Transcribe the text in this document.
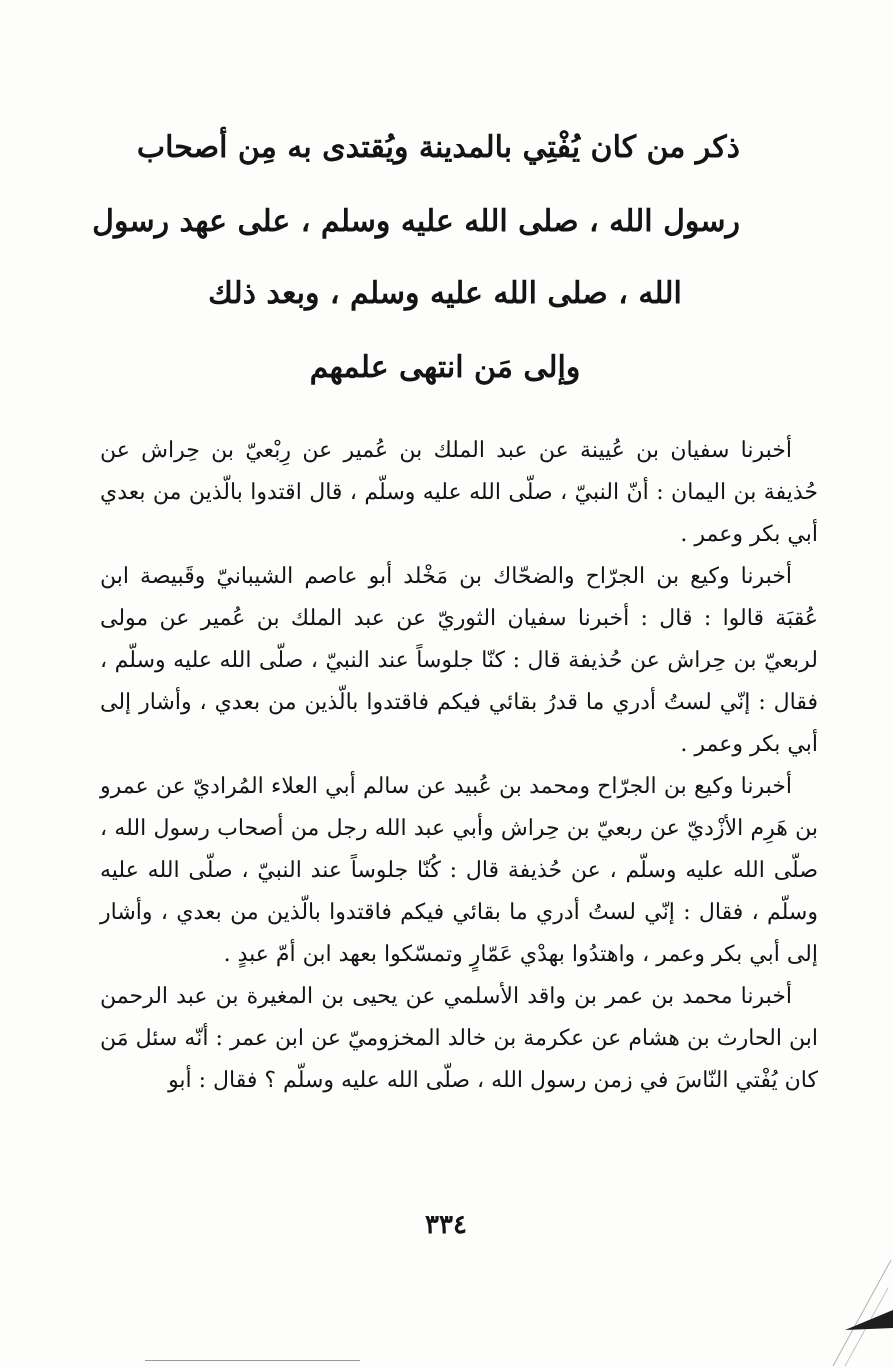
ذكر من كان يُفْتِي بالمدينة ويُقتدى به مِن أصحاب
رسول الله ، صلى الله عليه وسلم ، على عهد رسول
الله ، صلى الله عليه وسلم ، وبعد ذلك
وإلى مَن انتهى علمهم

أخبرنا سفيان بن عُيينة عن عبد الملك بن عُمير عن رِبْعيّ بن حِراش عن حُذيفة بن اليمان : أنّ النبيّ ، صلّى الله عليه وسلّم ، قال اقتدوا بالّذين من بعدي أبي بكر وعمر .

أخبرنا وكيع بن الجرّاح والضحّاك بن مَخْلد أبو عاصم الشيبانيّ وقَبيصة ابن عُقبَة قالوا : قال : أخبرنا سفيان الثوريّ عن عبد الملك بن عُمير عن مولى لربعيّ بن حِراش عن حُذيفة قال : كنّا جلوساً عند النبيّ ، صلّى الله عليه وسلّم ، فقال : إنّي لستُ أدري ما قدرُ بقائي فيكم فاقتدوا بالّذين من بعدي ، وأشار إلى أبي بكر وعمر .

أخبرنا وكيع بن الجرّاح ومحمد بن عُبيد عن سالم أبي العلاء المُراديّ عن عمرو بن هَرِم الأزْديّ عن ربعيّ بن حِراش وأبي عبد الله رجل من أصحاب رسول الله ، صلّى الله عليه وسلّم ، عن حُذيفة قال : كُنّا جلوساً عند النبيّ ، صلّى الله عليه وسلّم ، فقال : إنّي لستُ أدري ما بقائي فيكم فاقتدوا بالّذين من بعدي ، وأشار إلى أبي بكر وعمر ، واهتدُوا بهدْي عَمّارٍ وتمسّكوا بعهد ابن أمّ عبدٍ .

أخبرنا محمد بن عمر بن واقد الأسلمي عن يحيى بن المغيرة بن عبد الرحمن ابن الحارث بن هشام عن عكرمة بن خالد المخزوميّ عن ابن عمر : أنّه سئل مَن كان يُفْتي النّاسَ في زمن رسول الله ، صلّى الله عليه وسلّم ؟ فقال : أبو

٣٣٤
